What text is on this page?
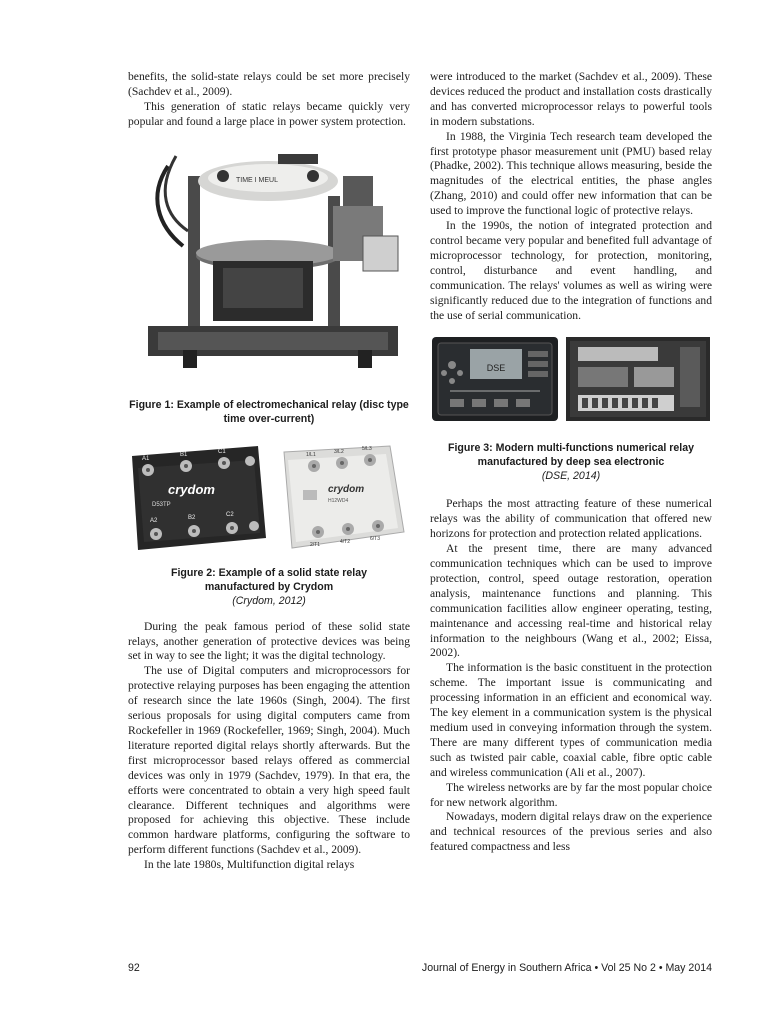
benefits, the solid-state relays could be set more precisely (Sachdev et al., 2009).

This generation of static relays became quickly very popular and found a large place in power system protection.

TIME I MEUL
Figure 1: Example of electromechanical relay (disc type time over-current)
crydom
D53TP
A1
B1	C1
A2	B2	C2
crydom
H12WD4
1/L1	3/L2	5/L3
2/T1	4/T2	6/T3
Figure 2: Example of a solid state relay manufactured by Crydom
(Crydom, 2012)

During the peak famous period of these solid state relays, another generation of protective devices was being set in way to see the light; it was the digital technology.

The use of Digital computers and microprocessors for protective relaying purposes has been engaging the attention of research since the late 1960s (Singh, 2004). The first serious proposals for using digital computers came from Rockefeller in 1969 (Rockefeller, 1969; Singh, 2004). Much literature reported digital relays shortly afterwards. But the first microprocessor based relays offered as commercial devices was only in 1979 (Sachdev, 1979). In that era, the efforts were concentrated to obtain a very high speed fault clearance. Different techniques and algorithms were proposed for achieving this objective. These include common hardware platforms, configuring the software to perform different functions (Sachdev et al., 2009).

In the late 1980s, Multifunction digital relays

were introduced to the market (Sachdev et al., 2009). These devices reduced the product and installation costs drastically and has converted microprocessor relays to powerful tools in modern substations.

In 1988, the Virginia Tech research team developed the first prototype phasor measurement unit (PMU) based relay (Phadke, 2002). This technique allows measuring, beside the magnitudes of the electrical entities, the phase angles (Zhang, 2010) and could offer new information that can be used to improve the functional logic of protective relays.

In the 1990s, the notion of integrated protection and control became very popular and benefited full advantage of microprocessor technology, for protection, monitoring, control, disturbance and event handling, and communication. The relays' volumes as well as wiring were significantly reduced due to the integration of functions and the use of serial communication.

DSE
Figure 3: Modern multi-functions numerical relay manufactured by deep sea electronic
(DSE, 2014)

Perhaps the most attracting feature of these numerical relays was the ability of communication that offered new horizons for protection and protection related applications.

At the present time, there are many advanced communication techniques which can be used to improve protection, control, speed outage restoration, operation analysis, maintenance functions and planning. This communication facilities allow engineer operating, testing, maintenance and accessing real-time and historical relay information to the neighbours (Wang et al., 2002; Eissa, 2002).

The information is the basic constituent in the protection scheme. The important issue is communicating and processing information in an efficient and economical way. The key element in a communication system is the physical medium used in conveying information through the system. There are many different types of communication media such as twisted pair cable, coaxial cable, fibre optic cable and wireless communication (Ali et al., 2007).

The wireless networks are by far the most popular choice for new network algorithm.

Nowadays, modern digital relays draw on the experience and technical resources of the previous series and also featured compactness and less

92	Journal of Energy in Southern Africa • Vol 25 No 2 • May 2014
